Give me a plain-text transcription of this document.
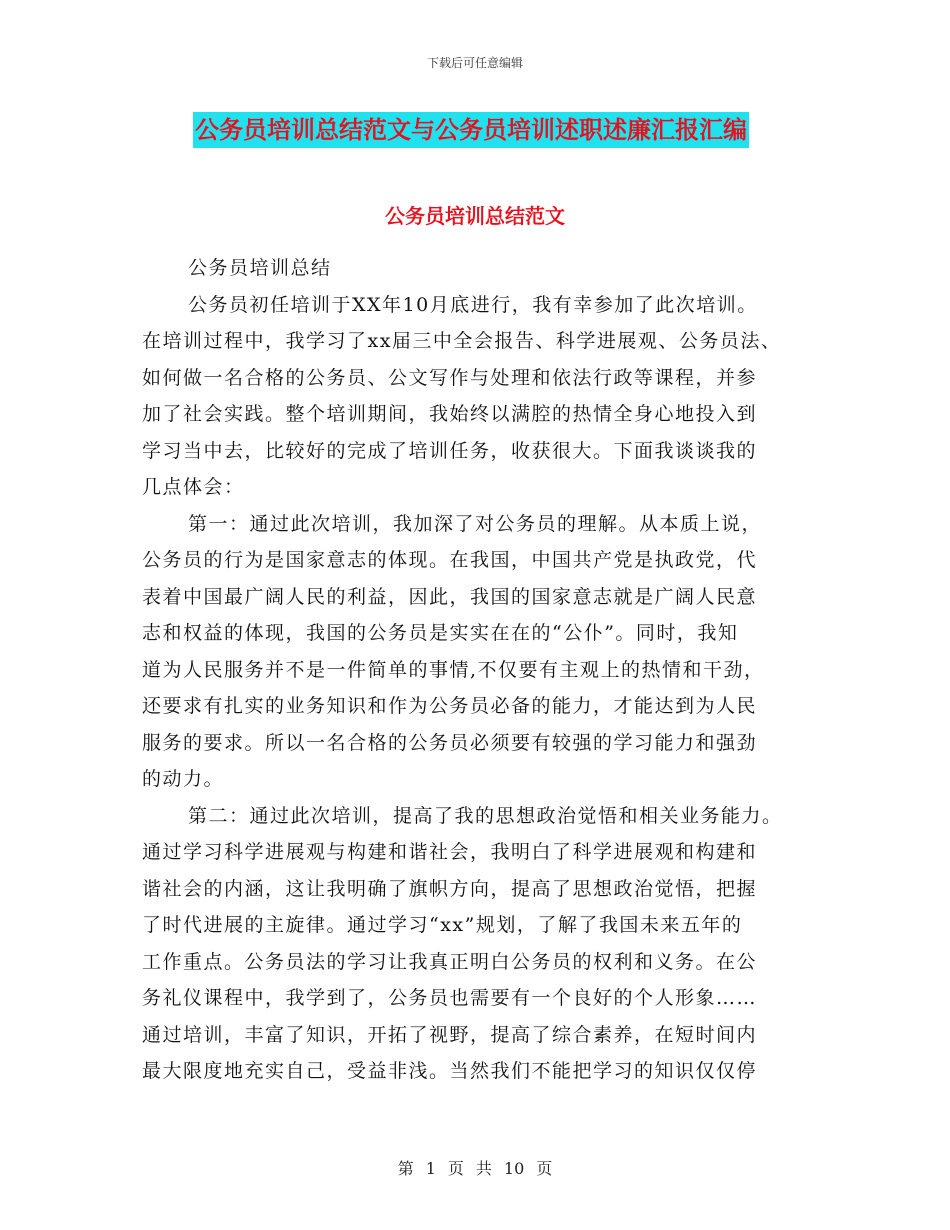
下载后可任意编辑
公务员培训总结范文与公务员培训述职述廉汇报汇编
公务员培训总结范文
公务员培训总结
公务员初任培训于XX年10月底进行，我有幸参加了此次培训。
在培训过程中，我学习了xx届三中全会报告、科学进展观、公务员法、
如何做一名合格的公务员、公文写作与处理和依法行政等课程，并参
加了社会实践。整个培训期间，我始终以满腔的热情全身心地投入到
学习当中去，比较好的完成了培训任务，收获很大。下面我谈谈我的
几点体会：
第一：通过此次培训，我加深了对公务员的理解。从本质上说，
公务员的行为是国家意志的体现。在我国，中国共产党是执政党，代
表着中国最广阔人民的利益，因此，我国的国家意志就是广阔人民意
志和权益的体现，我国的公务员是实实在在的“公仆”。同时，我知
道为人民服务并不是一件简单的事情,不仅要有主观上的热情和干劲，
还要求有扎实的业务知识和作为公务员必备的能力，才能达到为人民
服务的要求。所以一名合格的公务员必须要有较强的学习能力和强劲
的动力。
第二：通过此次培训，提高了我的思想政治觉悟和相关业务能力。
通过学习科学进展观与构建和谐社会，我明白了科学进展观和构建和
谐社会的内涵，这让我明确了旗帜方向，提高了思想政治觉悟，把握
了时代进展的主旋律。通过学习“xx”规划，了解了我国未来五年的
工作重点。公务员法的学习让我真正明白公务员的权利和义务。在公
务礼仪课程中，我学到了，公务员也需要有一个良好的个人形象……
通过培训，丰富了知识，开拓了视野，提高了综合素养，在短时间内
最大限度地充实自己，受益非浅。当然我们不能把学习的知识仅仅停
第 1 页 共 10 页
